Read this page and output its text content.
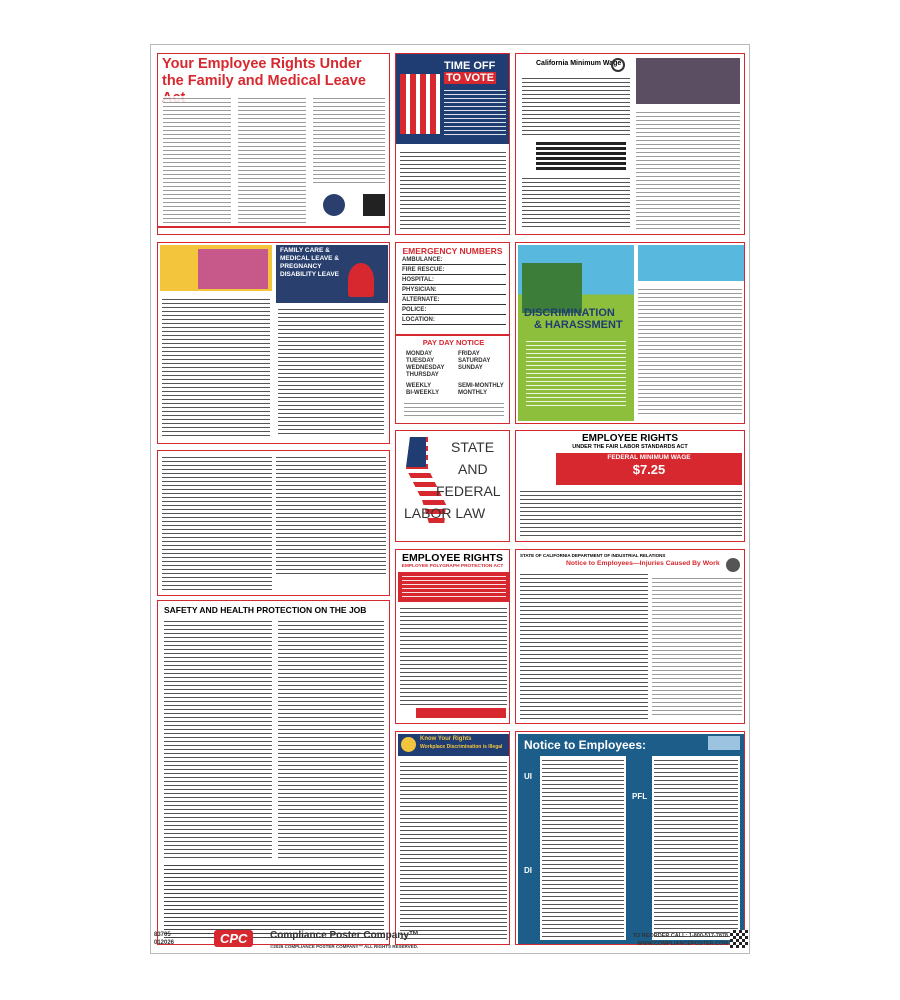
Your Employee Rights Under the Family and Medical Leave
TIME OFF
TO VOTE
California Minimum Wage
FAMILY CARE & MEDICAL LEAVE & PREGNANCY DISABILITY LEAVE
EMERGENCY NUMBERS
AMBULANCE:
FIRE RESCUE:
HOSPITAL:
PHYSICIAN:
ALTERNATE:
POLICE:
LOCATION:
PAY DAY NOTICE
MONDAY
TUESDAY
WEDNESDAY
THURSDAY
WEEKLY
BI-WEEKLY
FRIDAY
SATURDAY
SUNDAY
SEMI-MONTHLY
MONTHLY
DISCRIMINATION
& HARASSMENT
STATE
AND
FEDERAL
LABOR LAW
EMPLOYEE RIGHTS
UNDER THE FAIR LABOR STANDARDS ACT
FEDERAL MINIMUM WAGE
$7.25
SAFETY AND HEALTH PROTECTION ON THE JOB
EMPLOYEE RIGHTS
EMPLOYEE POLYGRAPH PROTECTION ACT
STATE OF CALIFORNIA DEPARTMENT OF INDUSTRIAL RELATIONS
Notice to Employees—Injuries Caused By Work
Know Your Rights
Workplace Discrimination is Illegal Notice to Employees:
UI
DI
PFL
83705
012026	CPC	Compliance Poster Company™
©2026 COMPLIANCE POSTER COMPANY™ ALL RIGHTS RESERVED.
TO REORDER CALL: 1-800-517-7878
WWW.COMPLIANCEPOSTER.COM
